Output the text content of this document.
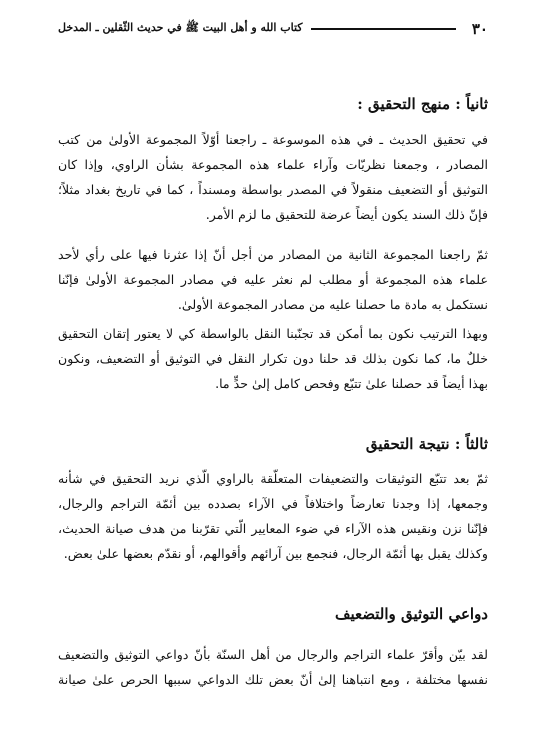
٣٠
كتاب الله و أهل البيت ﷺ في حديث الثّقلين ـ المدخل
ثانياً : منهج التحقيق :
في تحقيق الحديث ـ في هذه الموسوعة ـ راجعنا أوّلاً المجموعة الأولىٰ من كتب
المصادر ، وجمعنا نظريّات وآراء علماء هذه المجموعة بشأن الراوي، وإذا كان
التوثيق أو التضعيف منقولاً في المصدر بواسطة ومسنداً ، كما في تاريخ بغداد مثلاً؛
فإنّ ذلك السند يكون أيضاً عرضة للتحقيق ما لزم الأمر.
ثمّ راجعنا المجموعة الثانية من المصادر من أجل أنّ إذا عثرنا فيها على رأي لأحد
علماء هذه المجموعة أو مطلب لم نعثر عليه في مصادر المجموعة الأولىٰ فإنّنا
نستكمل به مادة ما حصلنا عليه من مصادر المجموعة الأولىٰ.
وبهذا الترتيب نكون بما أمكن قد تجنّبنا النقل بالواسطة كي لا يعتور إتقان التحقيق
خللٌ ما، كما نكون بذلك قد حلنا دون تكرار النقل في التوثيق أو التضعيف، ونكون
بهذا أيضاً قد حصلنا علىٰ تتبّع وفحص كامل إلىٰ حدٍّ ما.
ثالثاً : نتيجة التحقيق
ثمّ بعد تتبّع التوثيقات والتضعيفات المتعلّقة بالراوي الّذي نريد التحقيق في شأنه
وجمعها، إذا وجدنا تعارضاً واختلافاً في الآراء بصدده بين أئمّة التراجم والرجال،
فإنّنا نزن ونقيس هذه الآراء في ضوء المعايير الّتي تقرّبنا من هدف صيانة الحديث،
وكذلك يقبل بها أئمّة الرجال، فنجمع بين آرائهم وأقوالهم، أو نقدّم بعضها علىٰ بعض.
دواعي التوثيق والتضعيف
لقد بيّن وأقرّ علماء التراجم والرجال من أهل السنّة بأنّ دواعي التوثيق والتضعيف
نفسها مختلفة ، ومع انتباهنا إلىٰ أنّ بعض تلك الدواعي سببها الحرص علىٰ صيانة
